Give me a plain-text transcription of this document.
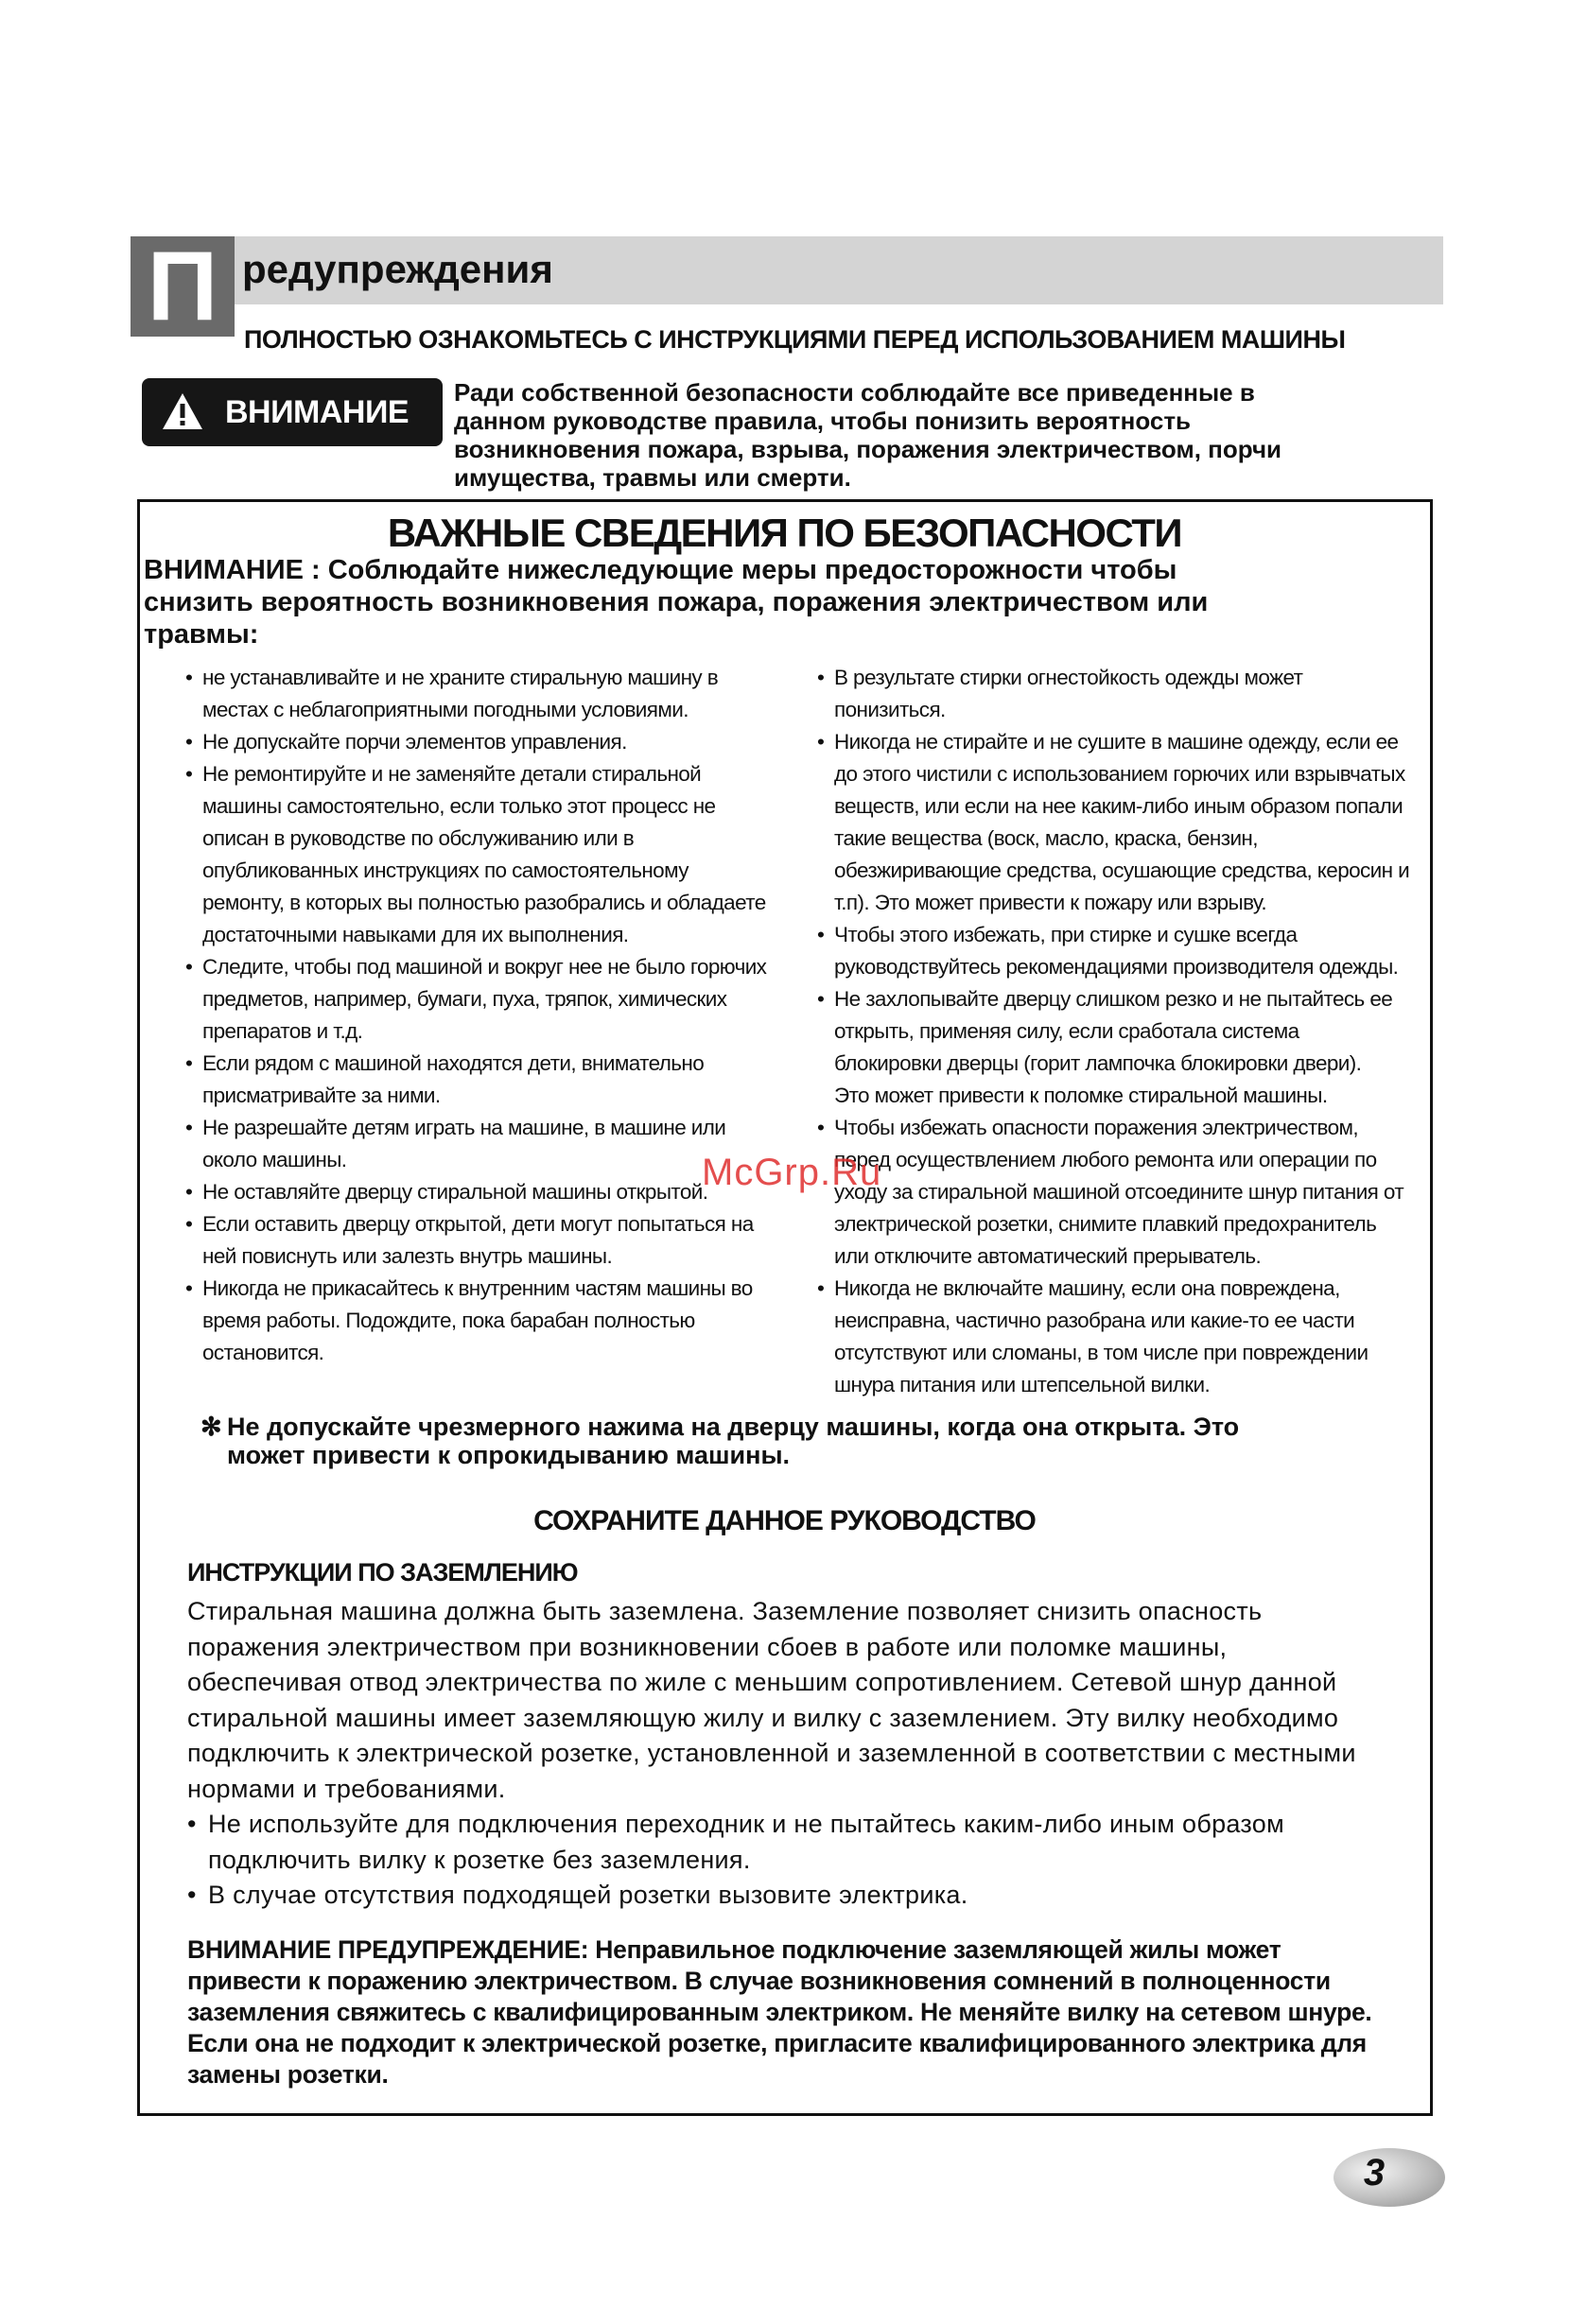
П редупреждения
ПОЛНОСТЬЮ ОЗНАКОМЬТЕСЬ С ИНСТРУКЦИЯМИ ПЕРЕД ИСПОЛЬЗОВАНИЕМ МАШИНЫ
ВНИМАНИЕ
Ради собственной безопасности соблюдайте все приведенные в
данном руководстве правила, чтобы понизить вероятность
возникновения пожара, взрыва, поражения электричеством, порчи
имущества, травмы или смерти.
ВАЖНЫЕ СВЕДЕНИЯ ПО БЕЗОПАСНОСТИ
ВНИМАНИЕ : Соблюдайте нижеследующие меры предосторожности чтобы
снизить вероятность возникновения пожара, поражения электричеством или
травмы:
• не устанавливайте и не храните стиральную машину в
местах с неблагоприятными погодными условиями.
• Не допускайте порчи элементов управления.
• Не ремонтируйте и не заменяйте детали стиральной
машины самостоятельно, если только этот процесс не
описан в руководстве по обслуживанию или в
опубликованных инструкциях по самостоятельному
ремонту, в которых вы полностью разобрались и обладаете
достаточными навыками для их выполнения.
• Следите, чтобы под машиной и вокруг нее не было горючих
предметов, например, бумаги, пуха, тряпок, химических
препаратов и т.д.
• Если рядом с машиной находятся дети, внимательно
присматривайте за ними.
• Не разрешайте детям играть на машине, в машине или
около машины.
• Не оставляйте дверцу стиральной машины открытой.
• Если оставить дверцу открытой, дети могут попытаться на
ней повиснуть или залезть внутрь машины.
• Никогда не прикасайтесь к внутренним частям машины во
время работы. Подождите, пока барабан полностью
остановится.
• В результате стирки огнестойкость одежды может
понизиться.
• Никогда не стирайте и не сушите в машине одежду, если ее
до этого чистили с использованием горючих или взрывчатых
веществ, или если на нее каким-либо иным образом попали
такие вещества (воск, масло, краска, бензин,
обезжиривающие средства, осушающие средства, керосин и
т.п). Это может привести к пожару или взрыву.
• Чтобы этого избежать, при стирке и сушке всегда
руководствуйтесь рекомендациями производителя одежды.
• Не захлопывайте дверцу слишком резко и не пытайтесь ее
открыть, применяя силу, если сработала система
блокировки дверцы (горит лампочка блокировки двери).
Это может привести к поломке стиральной машины.
• Чтобы избежать опасности поражения электричеством,
перед осуществлением любого ремонта или операции по
уходу за стиральной машиной отсоедините шнур питания от
электрической розетки, снимите плавкий предохранитель
или отключите автоматический прерыватель.
• Никогда не включайте машину, если она повреждена,
неисправна, частично разобрана или какие-то ее части
отсутствуют или сломаны, в том числе при повреждении
шнура питания или штепсельной вилки.
✻ Не допускайте чрезмерного нажима на дверцу машины, когда она открыта. Это
может привести к опрокидыванию машины.
СОХРАНИТЕ ДАННОЕ РУКОВОДСТВО
ИНСТРУКЦИИ ПО ЗАЗЕМЛЕНИЮ
Стиральная машина должна быть заземлена. Заземление позволяет снизить опасность
поражения электричеством при возникновении сбоев в работе или поломке машины,
обеспечивая отвод электричества по жиле с меньшим сопротивлением. Сетевой шнур данной
стиральной машины имеет заземляющую жилу и вилку с заземлением. Эту вилку необходимо
подключить к электрической розетке, установленной и заземленной в соответствии с местными
нормами и требованиями.
• Не используйте для подключения переходник и не пытайтесь каким-либо иным образом
подключить вилку к розетке без заземления.
• В случае отсутствия подходящей розетки вызовите электрика.
ВНИМАНИЕ ПРЕДУПРЕЖДЕНИЕ: Неправильное подключение заземляющей жилы может
привести к поражению электричеством. В случае возникновения сомнений в полноценности
заземления свяжитесь с квалифицированным электриком. Не меняйте вилку на сетевом шнуре.
Если она не подходит к электрической розетке, пригласите квалифицированного электрика для
замены розетки.
McGrp.Ru
3
